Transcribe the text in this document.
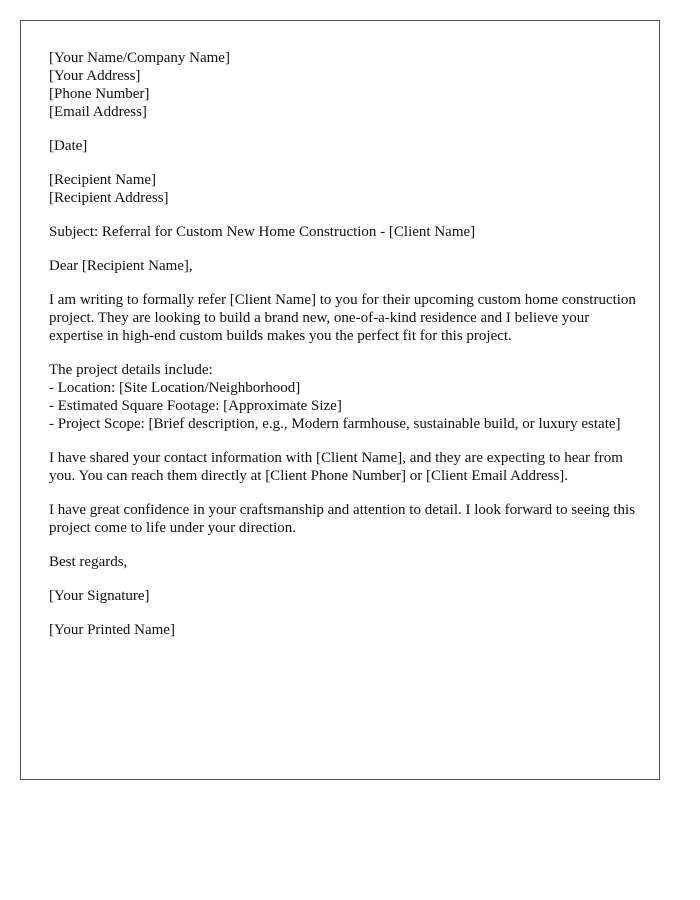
[Your Name/Company Name]
[Your Address]
[Phone Number]
[Email Address]
[Date]
[Recipient Name]
[Recipient Address]

Subject: Referral for Custom New Home Construction - [Client Name]

Dear [Recipient Name],

I am writing to formally refer [Client Name] to you for their upcoming custom home construction project. They are looking to build a brand new, one-of-a-kind residence and I believe your expertise in high-end custom builds makes you the perfect fit for this project.

The project details include:
- Location: [Site Location/Neighborhood]
- Estimated Square Footage: [Approximate Size]
- Project Scope: [Brief description, e.g., Modern farmhouse, sustainable build, or luxury estate]

I have shared your contact information with [Client Name], and they are expecting to hear from you. You can reach them directly at [Client Phone Number] or [Client Email Address].

I have great confidence in your craftsmanship and attention to detail. I look forward to seeing this project come to life under your direction.

Best regards,

[Your Signature]

[Your Printed Name]
